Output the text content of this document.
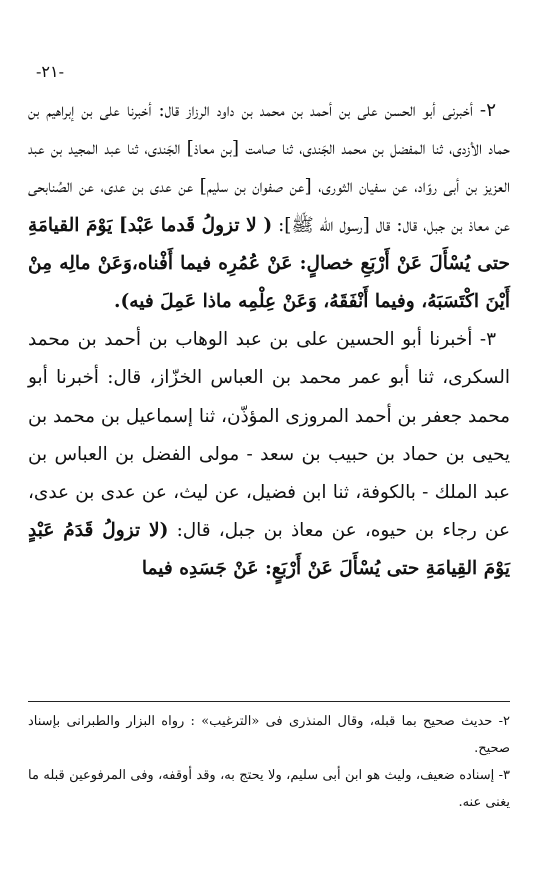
-٢١-

٢- أخبرنى أبو الحسن على بن أحمد بن محمد بن داود الرزاز قال: أخبرنا على بن إبراهيم بن حماد الأزدى، ثنا المفضل بن محمد الجَندى، ثنا صامت [بن معاذ] الجَندى، ثنا عبد المجيد بن عبد العزيز بن أبى روّاد، عن سفيان الثورى، [عن صفوان بن سليم] عن عدى بن عدى، عن الصُنابحى عن معاذ بن جبل، قال: قال [رسول الله ﷺ]: ( لا تزولُ قَدما عَبْد] يَوْمَ القيامَةِ حتى يُسْأَلَ عَنْ أَرْبَعِ خصالٍ: عَنْ عُمُرِه فيما أَفْناه،وَعَنْ مالِه مِنْ أَيْنَ اكْتَسَبَهُ، وفيما أَنْفَقَهُ، وَعَنْ عِلْمِه ماذا عَمِلَ فيه).

٣- أخبرنا أبو الحسين على بن عبد الوهاب بن أحمد بن محمد السكرى، ثنا أبو عمر محمد بن العباس الخزّاز، قال: أخبرنا أبو محمد جعفر بن أحمد المروزى المؤذّن، ثنا إسماعيل بن محمد بن يحيى بن حماد بن حبيب بن سعد - مولى الفضل بن العباس بن عبد الملك - بالكوفة، ثنا ابن فضيل، عن ليث، عن عدى بن عدى، عن رجاء بن حيوه، عن معاذ بن جبل، قال: (لا تزولُ قَدَمُ عَبْدٍ يَوْمَ القِيامَةِ حتى يُسْأَلَ عَنْ أَرْبَعٍ: عَنْ جَسَدِه فيما

٢- حديث صحيح بما قبله، وقال المنذرى فى «الترغيب» : رواه البزار والطبرانى بإسناد صحيح.

٣- إسناده ضعيف، وليث هو ابن أبى سليم، ولا يحتج به، وقد أوقفه، وفى المرفوعين قبله ما يغنى عنه.
